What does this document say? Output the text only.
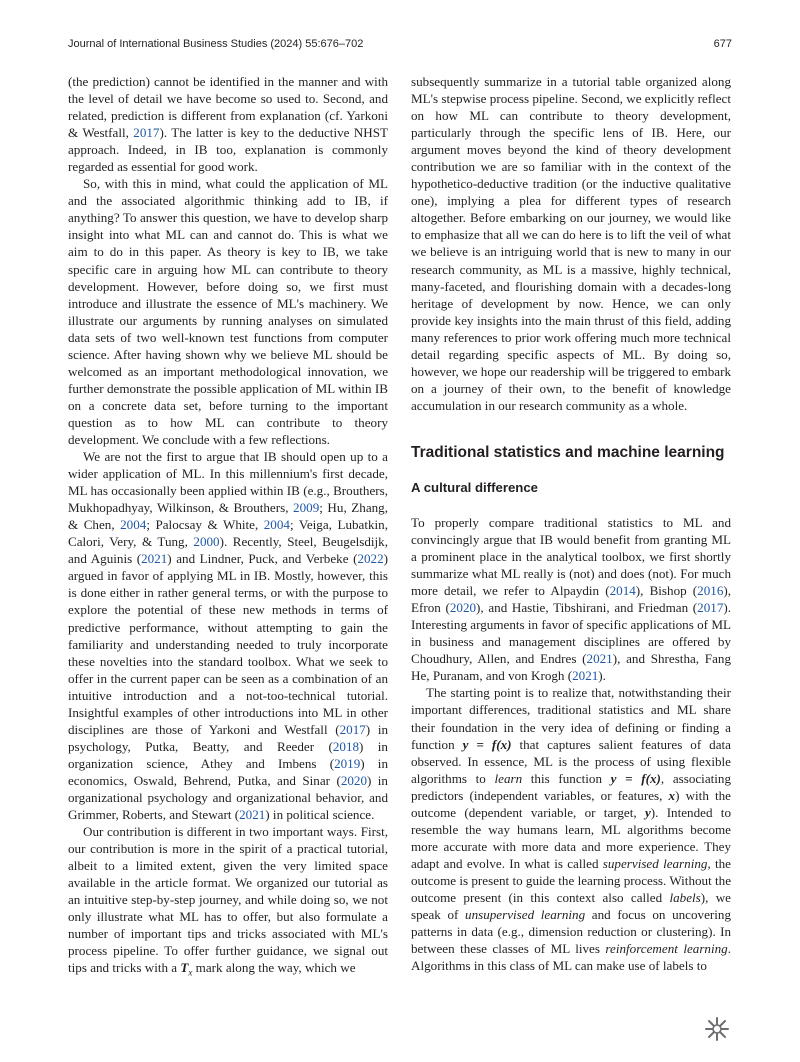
Journal of International Business Studies (2024) 55:676–702	677

(the prediction) cannot be identified in the manner and with the level of detail we have become so used to. Second, and related, prediction is different from explanation (cf. Yarkoni & Westfall, 2017). The latter is key to the deductive NHST approach. Indeed, in IB too, explanation is commonly regarded as essential for good work.

So, with this in mind, what could the application of ML and the associated algorithmic thinking add to IB, if anything? To answer this question, we have to develop sharp insight into what ML can and cannot do. This is what we aim to do in this paper. As theory is key to IB, we take specific care in arguing how ML can contribute to theory development. However, before doing so, we first must introduce and illustrate the essence of ML's machinery. We illustrate our arguments by running analyses on simulated data sets of two well-known test functions from computer science. After having shown why we believe ML should be welcomed as an important methodological innovation, we further demonstrate the possible application of ML within IB on a concrete data set, before turning to the important question as to how ML can contribute to theory development. We conclude with a few reflections.

We are not the first to argue that IB should open up to a wider application of ML. In this millennium's first decade, ML has occasionally been applied within IB (e.g., Brouthers, Mukhopadhyay, Wilkinson, & Brouthers, 2009; Hu, Zhang, & Chen, 2004; Palocsay & White, 2004; Veiga, Lubatkin, Calori, Very, & Tung, 2000). Recently, Steel, Beugelsdijk, and Aguinis (2021) and Lindner, Puck, and Verbeke (2022) argued in favor of applying ML in IB. Mostly, however, this is done either in rather general terms, or with the purpose to explore the potential of these new methods in terms of predictive performance, without attempting to gain the familiarity and understanding needed to truly incorporate these novelties into the standard toolbox. What we seek to offer in the current paper can be seen as a combination of an intuitive introduction and a not-too-technical tutorial. Insightful examples of other introductions into ML in other disciplines are those of Yarkoni and Westfall (2017) in psychology, Putka, Beatty, and Reeder (2018) in organization science, Athey and Imbens (2019) in economics, Oswald, Behrend, Putka, and Sinar (2020) in organizational psychology and organizational behavior, and Grimmer, Roberts, and Stewart (2021) in political science.

Our contribution is different in two important ways. First, our contribution is more in the spirit of a practical tutorial, albeit to a limited extent, given the very limited space available in the article format. We organized our tutorial as an intuitive step-by-step journey, and while doing so, we not only illustrate what ML has to offer, but also formulate a number of important tips and tricks associated with ML's process pipeline. To offer further guidance, we signal out tips and tricks with a $T_x$ mark along the way, which we

subsequently summarize in a tutorial table organized along ML's stepwise process pipeline. Second, we explicitly reflect on how ML can contribute to theory development, particularly through the specific lens of IB. Here, our argument moves beyond the kind of theory development contribution we are so familiar with in the context of the hypothetico-deductive tradition (or the inductive qualitative one), implying a plea for different types of research altogether. Before embarking on our journey, we would like to emphasize that all we can do here is to lift the veil of what we believe is an intriguing world that is new to many in our research community, as ML is a massive, highly technical, many-faceted, and flourishing domain with a decades-long heritage of development by now. Hence, we can only provide key insights into the main thrust of this field, adding many references to prior work offering much more technical detail regarding specific aspects of ML. By doing so, however, we hope our readership will be triggered to embark on a journey of their own, to the benefit of knowledge accumulation in our research community as a whole.

Traditional statistics and machine learning
A cultural difference

To properly compare traditional statistics to ML and convincingly argue that IB would benefit from granting ML a prominent place in the analytical toolbox, we first shortly summarize what ML really is (not) and does (not). For much more detail, we refer to Alpaydin (2014), Bishop (2016), Efron (2020), and Hastie, Tibshirani, and Friedman (2017). Interesting arguments in favor of specific applications of ML in business and management disciplines are offered by Choudhury, Allen, and Endres (2021), and Shrestha, Fang He, Puranam, and von Krogh (2021).

The starting point is to realize that, notwithstanding their important differences, traditional statistics and ML share their foundation in the very idea of defining or finding a function y = f(x) that captures salient features of data observed. In essence, ML is the process of using flexible algorithms to learn this function y = f(x), associating predictors (independent variables, or features, x) with the outcome (dependent variable, or target, y). Intended to resemble the way humans learn, ML algorithms become more accurate with more data and more experience. They adapt and evolve. In what is called supervised learning, the outcome is present to guide the learning process. Without the outcome present (in this context also called labels), we speak of unsupervised learning and focus on uncovering patterns in data (e.g., dimension reduction or clustering). In between these classes of ML lives reinforcement learning. Algorithms in this class of ML can make use of labels to
